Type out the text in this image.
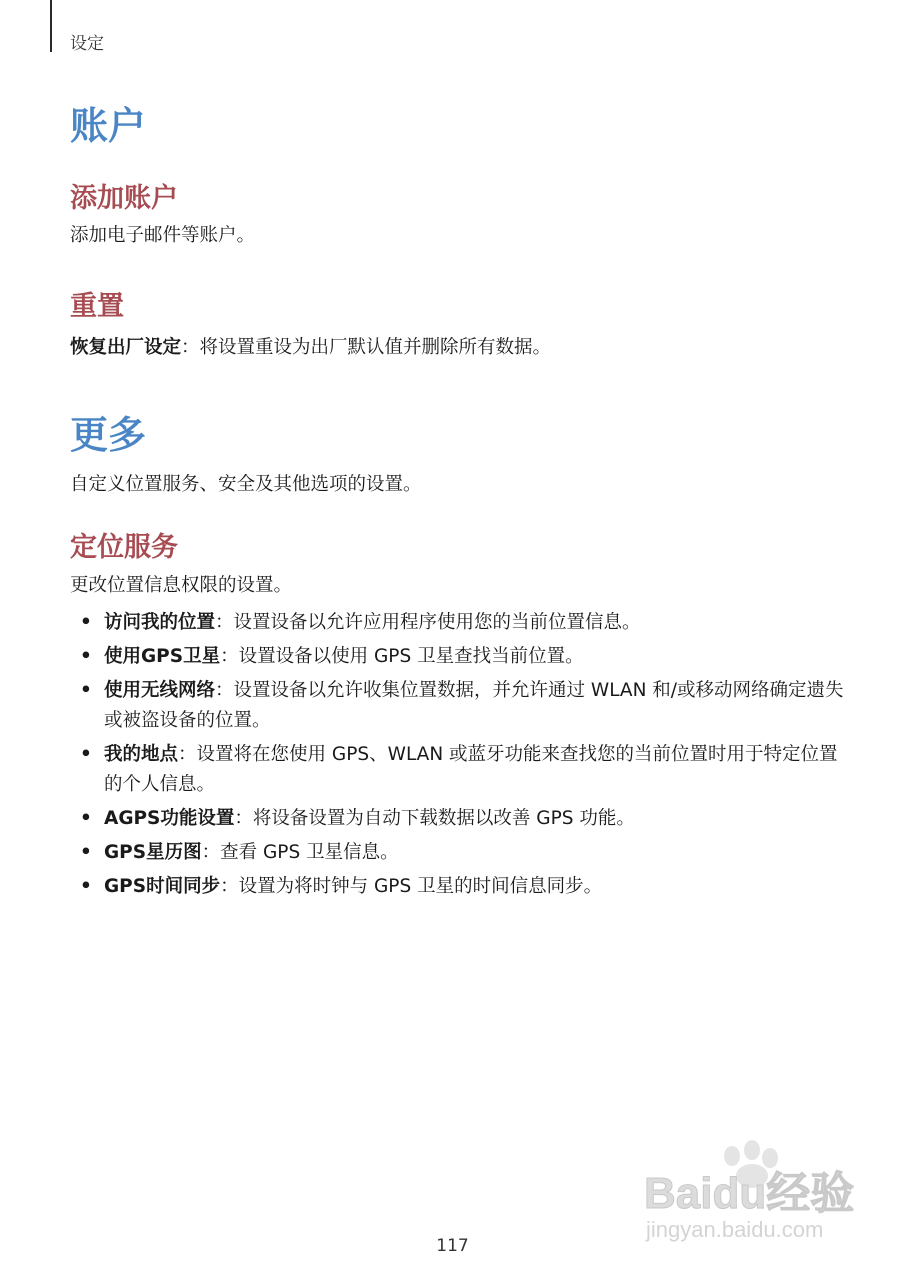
设定
账户
添加账户

添加电子邮件等账户。

重置

恢复出厂设定：将设置重设为出厂默认值并删除所有数据。

更多

自定义位置服务、安全及其他选项的设置。

定位服务

更改位置信息权限的设置。

• 访问我的位置：设置设备以允许应用程序使用您的当前位置信息。
• 使用GPS卫星：设置设备以使用 GPS 卫星查找当前位置。
• 使用无线网络：设置设备以允许收集位置数据，并允许通过 WLAN 和/或移动网络确定遗失或被盗设备的位置。
• 我的地点：设置将在您使用 GPS、WLAN 或蓝牙功能来查找您的当前位置时用于特定位置的个人信息。
• AGPS功能设置：将设备设置为自动下载数据以改善 GPS 功能。
• GPS星历图：查看 GPS 卫星信息。
• GPS时间同步：设置为将时钟与 GPS 卫星的时间信息同步。
Baidu经验
jingyan.baidu.com
117
